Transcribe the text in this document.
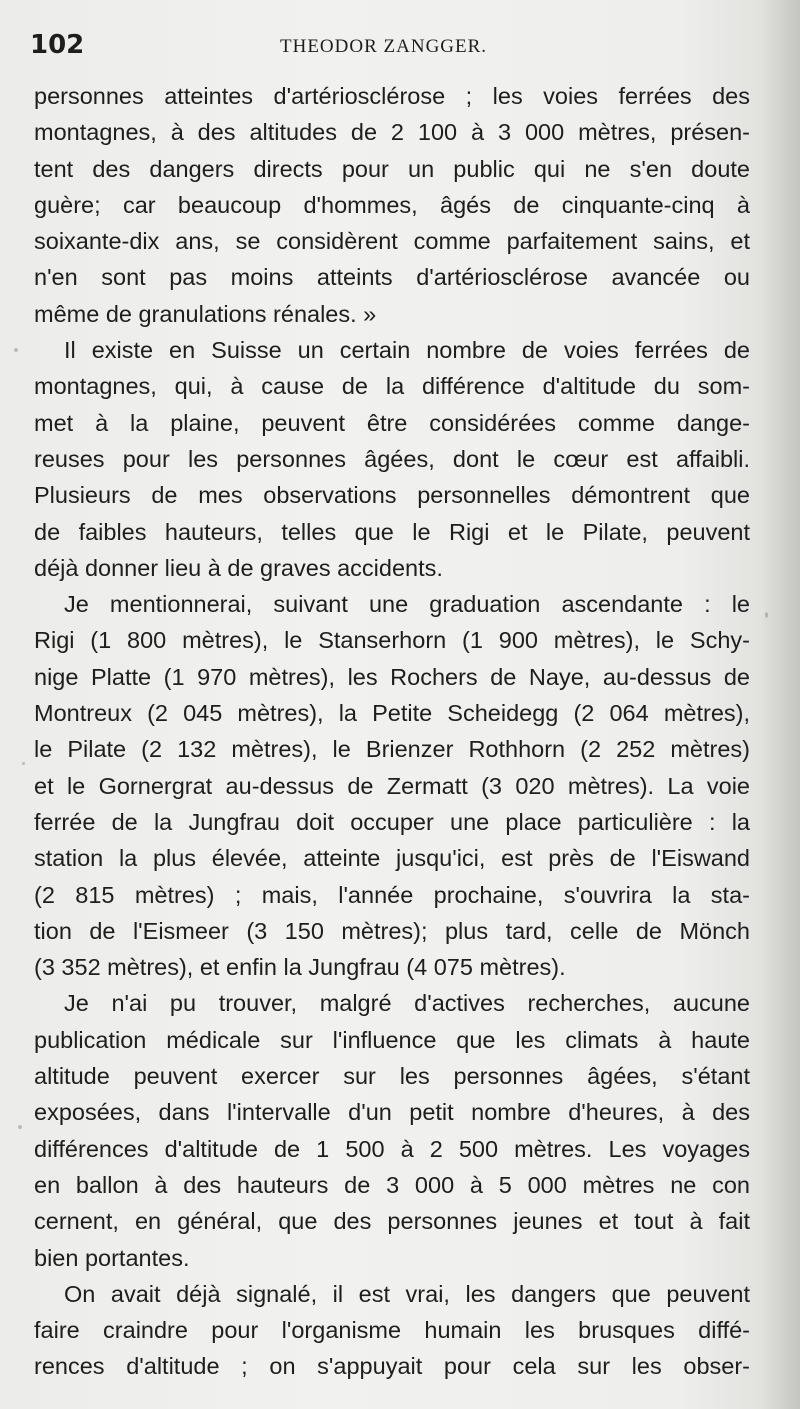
102	THEODOR ZANGGER.
personnes atteintes d'artériosclérose ; les voies ferrées des
montagnes, à des altitudes de 2 100 à 3 000 mètres, présen-
tent des dangers directs pour un public qui ne s'en doute
guère; car beaucoup d'hommes, âgés de cinquante-cinq à
soixante-dix ans, se considèrent comme parfaitement sains, et
n'en sont pas moins atteints d'artériosclérose avancée ou
même de granulations rénales. »
Il existe en Suisse un certain nombre de voies ferrées de
montagnes, qui, à cause de la différence d'altitude du som-
met à la plaine, peuvent être considérées comme dange-
reuses pour les personnes âgées, dont le cœur est affaibli.
Plusieurs de mes observations personnelles démontrent que
de faibles hauteurs, telles que le Rigi et le Pilate, peuvent
déjà donner lieu à de graves accidents.
Je mentionnerai, suivant une graduation ascendante : le
Rigi (1 800 mètres), le Stanserhorn (1 900 mètres), le Schy-
nige Platte (1 970 mètres), les Rochers de Naye, au-dessus de
Montreux (2 045 mètres), la Petite Scheidegg (2 064 mètres),
le Pilate (2 132 mètres), le Brienzer Rothhorn (2 252 mètres)
et le Gornergrat au-dessus de Zermatt (3 020 mètres). La voie
ferrée de la Jungfrau doit occuper une place particulière : la
station la plus élevée, atteinte jusqu'ici, est près de l'Eiswand
(2 815 mètres) ; mais, l'année prochaine, s'ouvrira la sta-
tion de l'Eismeer (3 150 mètres); plus tard, celle de Mönch
(3 352 mètres), et enfin la Jungfrau (4 075 mètres).
Je n'ai pu trouver, malgré d'actives recherches, aucune
publication médicale sur l'influence que les climats à haute
altitude peuvent exercer sur les personnes âgées, s'étant
exposées, dans l'intervalle d'un petit nombre d'heures, à des
différences d'altitude de 1 500 à 2 500 mètres. Les voyages
en ballon à des hauteurs de 3 000 à 5 000 mètres ne con
cernent, en général, que des personnes jeunes et tout à fait
bien portantes.
On avait déjà signalé, il est vrai, les dangers que peuvent
faire craindre pour l'organisme humain les brusques diffé-
rences d'altitude ; on s'appuyait pour cela sur les obser-
